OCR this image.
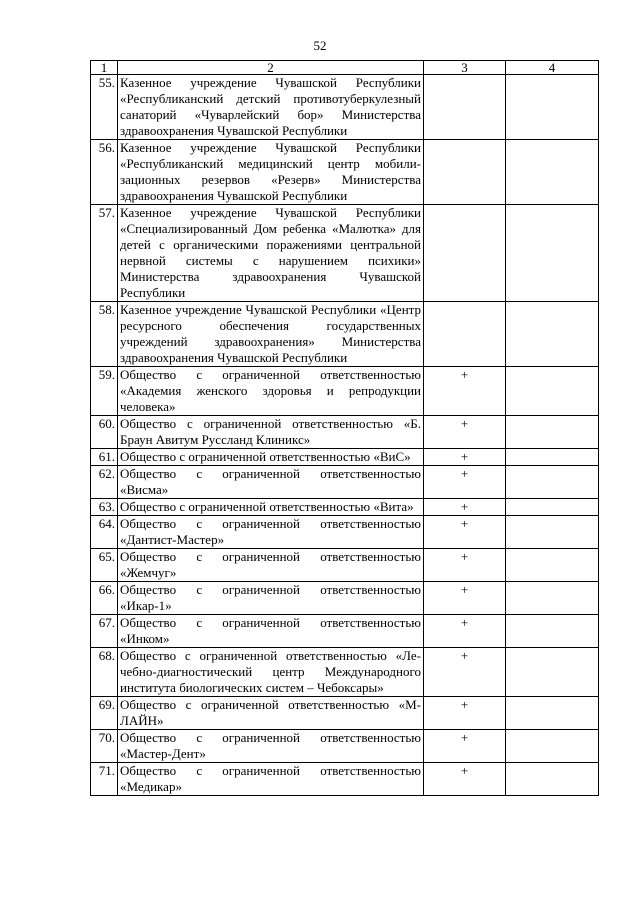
52
1	2	3	4
55.	Казенное учреждение Чувашской Республики «Республиканский детский противотуберкулезный санаторий «Чуварлейский бор» Министерства здравоохранения Чувашской Республики		
56.	Казенное учреждение Чувашской Республики «Республиканский медицинский центр мобилизационных резервов «Резерв» Министерства здравоохранения Чувашской Республики		
57.	Казенное учреждение Чувашской Республики «Специализированный Дом ребенка «Малютка» для детей с органическими поражениями центральной нервной системы с нарушением психики» Министерства здравоохранения Чувашской Республики		
58.	Казенное учреждение Чувашской Республики «Центр ресурсного обеспечения государственных учреждений здравоохранения» Министерства здравоохранения Чувашской Республики		
59.	Общество с ограниченной ответственностью «Академия женского здоровья и репродукции человека»	+	
60.	Общество с ограниченной ответственностью «Б. Браун Авитум Руссланд Клиникс»	+	
61.	Общество с ограниченной ответственностью «ВиС»	+	
62.	Общество с ограниченной ответственностью «Висма»	+	
63.	Общество с ограниченной ответственностью «Вита»	+	
64.	Общество с ограниченной ответственностью «Дантист-Мастер»	+	
65.	Общество с ограниченной ответственностью «Жемчуг»	+	
66.	Общество с ограниченной ответственностью «Икар-1»	+	
67.	Общество с ограниченной ответственностью «Инком»	+	
68.	Общество с ограниченной ответственностью «Лечебно-диагностический центр Международного института биологических систем – Чебоксары»	+	
69.	Общество с ограниченной ответственностью «М-ЛАЙН»	+	
70.	Общество с ограниченной ответственностью «Мастер-Дент»	+	
71.	Общество с ограниченной ответственностью «Медикар»	+	
